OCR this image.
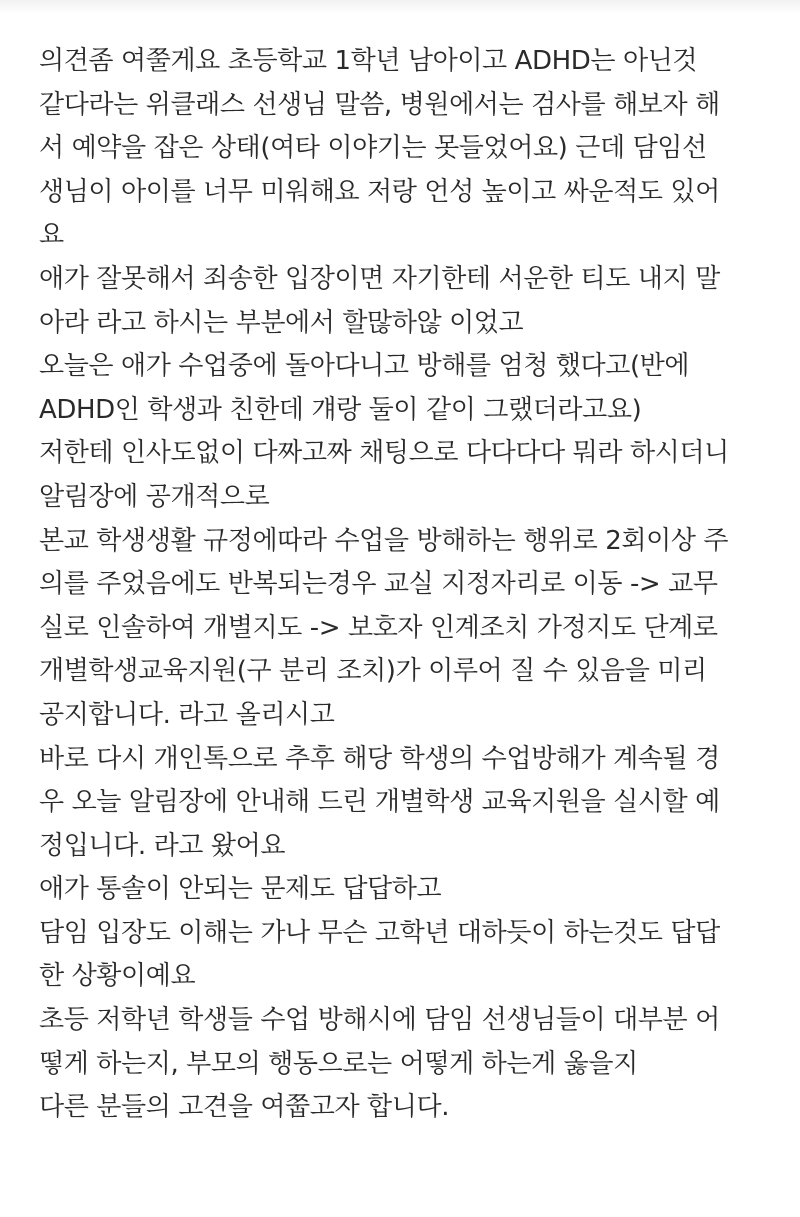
의견좀 여쭐게요 초등학교 1학년 남아이고 ADHD는 아닌것
같다라는 위클래스 선생님 말씀, 병원에서는 검사를 해보자 해
서 예약을 잡은 상태(여타 이야기는 못들었어요) 근데 담임선
생님이 아이를 너무 미워해요 저랑 언성 높이고 싸운적도 있어
요
애가 잘못해서 죄송한 입장이면 자기한테 서운한 티도 내지 말
아라 라고 하시는 부분에서 할많하않 이었고
오늘은 애가 수업중에 돌아다니고 방해를 엄청 했다고(반에
ADHD인 학생과 친한데 걔랑 둘이 같이 그랬더라고요)
저한테 인사도없이 다짜고짜 채팅으로 다다다다 뭐라 하시더니
알림장에 공개적으로
본교 학생생활 규정에따라 수업을 방해하는 행위로 2회이상 주
의를 주었음에도 반복되는경우 교실 지정자리로 이동 -> 교무
실로 인솔하여 개별지도 -> 보호자 인계조치 가정지도 단계로
개별학생교육지원(구 분리 조치)가 이루어 질 수 있음을 미리
공지합니다. 라고 올리시고
바로 다시 개인톡으로 추후 해당 학생의 수업방해가 계속될 경
우 오늘 알림장에 안내해 드린 개별학생 교육지원을 실시할 예
정입니다. 라고 왔어요
애가 통솔이 안되는 문제도 답답하고
담임 입장도 이해는 가나 무슨 고학년 대하듯이 하는것도 답답
한 상황이예요
초등 저학년 학생들 수업 방해시에 담임 선생님들이 대부분 어
떻게 하는지, 부모의 행동으로는 어떻게 하는게 옳을지
다른 분들의 고견을 여쭙고자 합니다.
